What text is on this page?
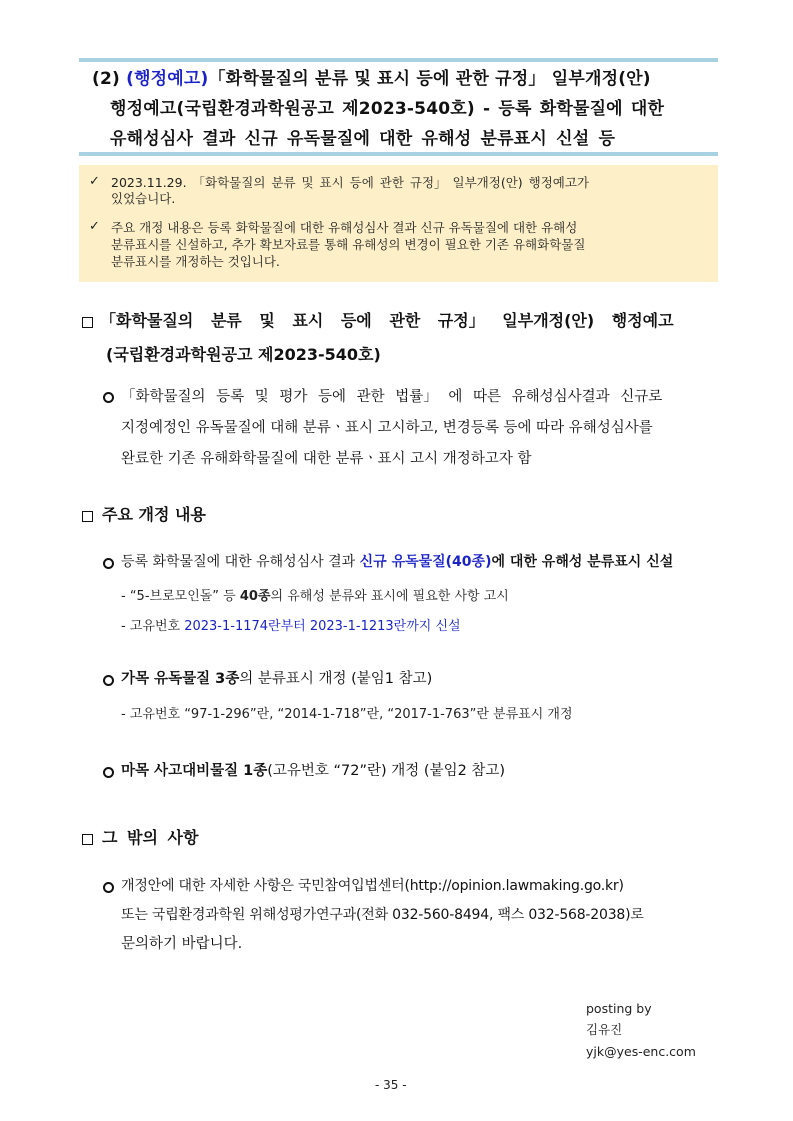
(2) (행정예고)「화학물질의 분류 및 표시 등에 관한 규정」 일부개정(안)
행정예고(국립환경과학원공고 제2023-540호) - 등록 화학물질에 대한
유해성심사 결과 신규 유독물질에 대한 유해성 분류표시 신설 등
✓ 2023.11.29. 「화학물질의 분류 및 표시 등에 관한 규정」 일부개정(안) 행정예고가
있었습니다.
✓ 주요 개정 내용은 등록 화학물질에 대한 유해성심사 결과 신규 유독물질에 대한 유해성
분류표시를 신설하고, 추가 확보자료를 통해 유해성의 변경이 필요한 기존 유해화학물질
분류표시를 개정하는 것입니다.
「화학물질의 분류 및 표시 등에 관한 규정」 일부개정(안) 행정예고
(국립환경과학원공고 제2023-540호)
「화학물질의 등록 및 평가 등에 관한 법률」 에 따른 유해성심사결과 신규로
지정예정인 유독물질에 대해 분류ㆍ표시 고시하고, 변경등록 등에 따라 유해성심사를
완료한 기존 유해화학물질에 대한 분류ㆍ표시 고시 개정하고자 함
주요 개정 내용
등록 화학물질에 대한 유해성심사 결과 신규 유독물질(40종)에 대한 유해성 분류표시 신설
- “5-브로모인돌” 등 40종의 유해성 분류와 표시에 필요한 사항 고시
- 고유번호 2023-1-1174란부터 2023-1-1213란까지 신설
가목 유독물질 3종의 분류표시 개정 (붙임1 참고)
- 고유번호 “97-1-296”란, “2014-1-718”란, “2017-1-763”란 분류표시 개정
마목 사고대비물질 1종(고유번호 “72”란) 개정 (붙임2 참고)
그 밖의 사항
개정안에 대한 자세한 사항은 국민참여입법센터(http://opinion.lawmaking.go.kr)
또는 국립환경과학원 위해성평가연구과(전화 032-560-8494, 팩스 032-568-2038)로
문의하기 바랍니다.
posting by
김유진
yjk@yes-enc.com
- 35 -
